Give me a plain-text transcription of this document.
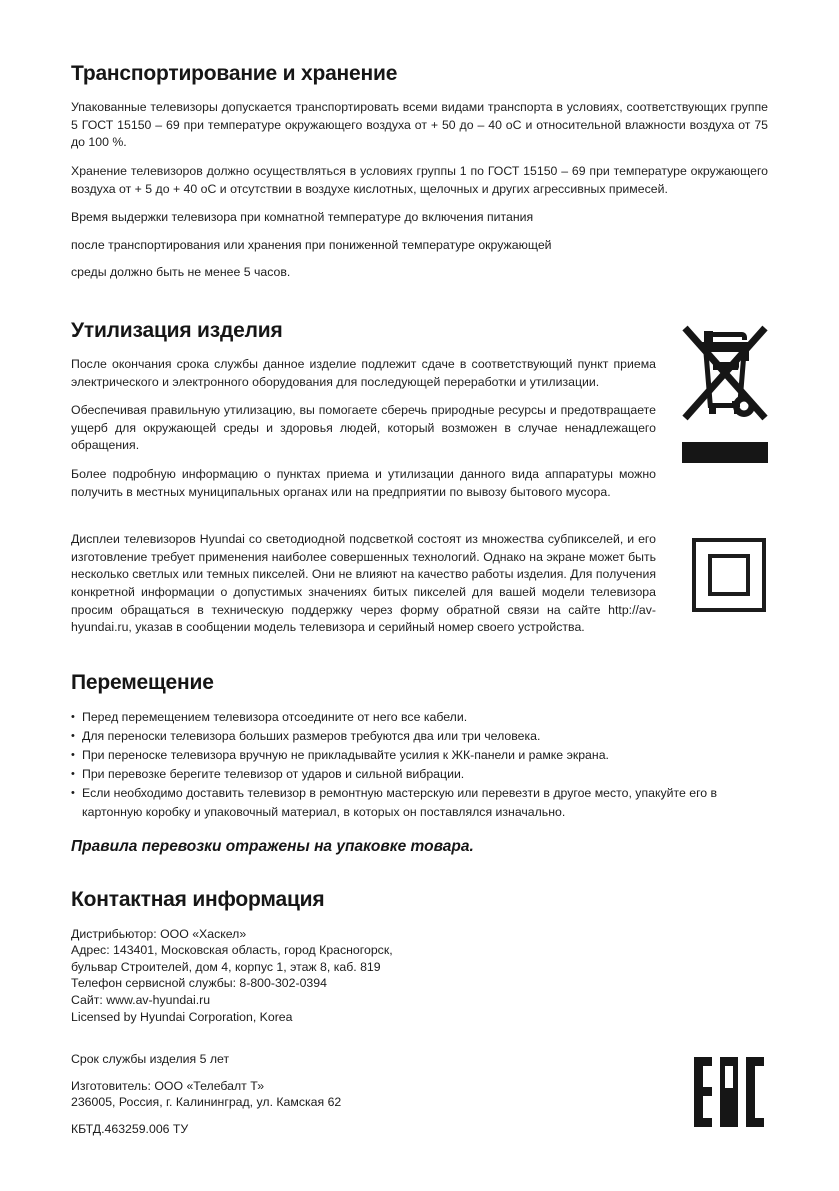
Транспортирование и хранение

Упакованные телевизоры допускается транспортировать всеми видами транспорта в условиях, соответствующих группе 5 ГОСТ 15150 – 69 при температуре окружающего воздуха от + 50 до – 40 оС и относительной влажности воздуха от 75 до 100 %.

Хранение телевизоров должно осуществляться в условиях группы 1 по ГОСТ 15150 – 69 при температуре окружающего воздуха от + 5 до + 40 оС и отсутствии в воздухе кислотных, щелочных и других агрессивных примесей.

Время выдержки телевизора при комнатной температуре до включения питания

после транспортирования или хранения при пониженной температуре окружающей

среды должно быть не менее 5 часов.

Утилизация изделия

После окончания срока службы данное изделие подлежит сдаче в соответствующий пункт приема электрического и электронного оборудования для последующей переработки и утилизации.

Обеспечивая правильную утилизацию, вы помогаете сберечь природные ресурсы и предотвращаете ущерб для окружающей среды и здоровья людей, который возможен в случае ненадлежащего обращения.

Более подробную информацию о пунктах приема и утилизации данного вида аппаратуры можно получить в местных муниципальных органах или на предприятии по вывозу бытового мусора.

Дисплеи телевизоров Hyundai со светодиодной подсветкой состоят из множества субпикселей, и его изготовление требует применения наиболее совершенных технологий. Однако на экране может быть несколько светлых или темных пикселей. Они не влияют на качество работы изделия. Для получения конкретной информации о допустимых значениях битых пикселей для вашей модели телевизора просим обращаться в техническую поддержку через форму обратной связи на сайте http://av-hyundai.ru, указав в сообщении модель телевизора и серийный номер своего устройства.

Перемещение
• Перед перемещением телевизора отсоедините от него все кабели.
• Для переноски телевизора больших размеров требуются два или три человека.
• При переноске телевизора вручную не прикладывайте усилия к ЖК-панели и рамке экрана.
• При перевозке берегите телевизор от ударов и сильной вибрации.
• Если необходимо доставить телевизор в ремонтную мастерскую или перевезти в другое место, упакуйте его в картонную коробку и упаковочный материал, в которых он поставлялся изначально.

Правила перевозки отражены на упаковке товара.

Контактная информация
Дистрибьютор: ООО «Хаскел»
Адрес: 143401, Московская область, город Красногорск,
бульвар Строителей, дом 4, корпус 1, этаж 8, каб. 819
Телефон сервисной службы: 8-800-302-0394
Сайт: www.av-hyundai.ru
Licensed by Hyundai Corporation, Korea
Срок службы изделия 5 лет
Изготовитель: ООО «Телебалт Т»
236005, Россия, г. Калининград, ул. Камская 62
КБТД.463259.006 ТУ
